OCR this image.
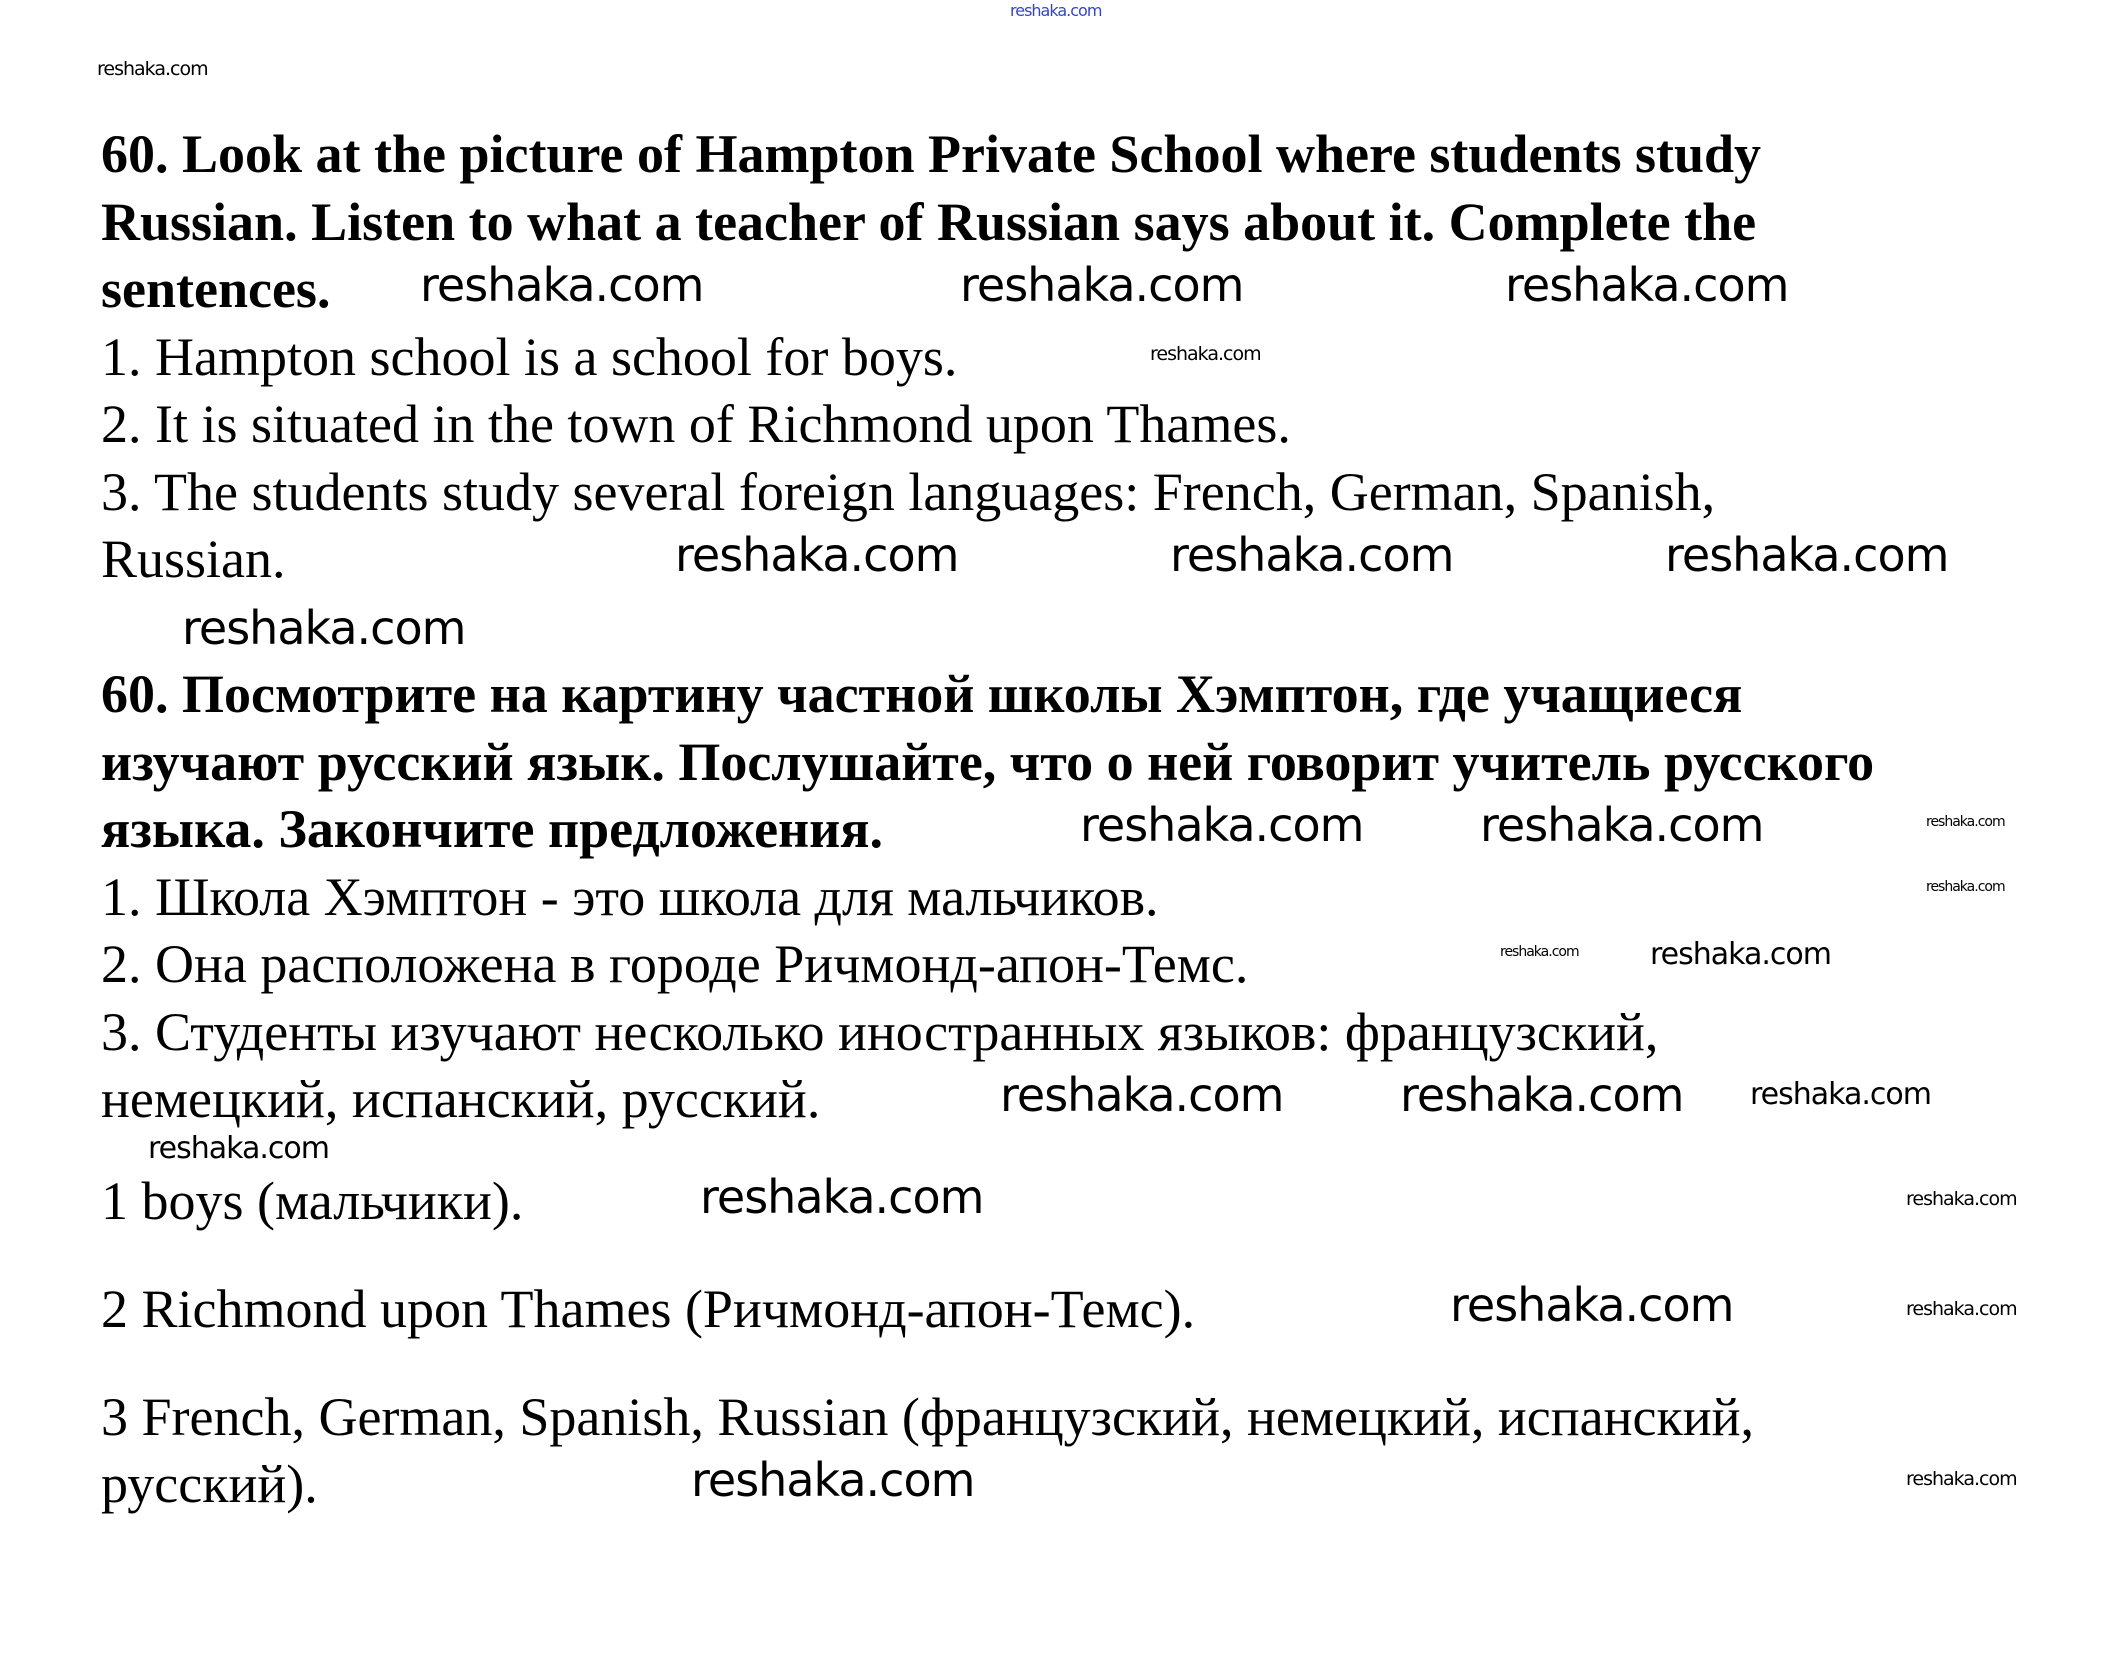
60. Look at the picture of Hampton Private School where students study
Russian. Listen to what a teacher of Russian says about it. Complete the
sentences.
1. Hampton school is a school for boys.
2. It is situated in the town of Richmond upon Thames.
3. The students study several foreign languages: French, German, Spanish,
Russian.
60. Посмотрите на картину частной школы Хэмптон, где учащиеся
изучают русский язык. Послушайте, что о ней говорит учитель русского
языка. Закончите предложения.
1. Школа Хэмптон - это школа для мальчиков.
2. Она расположена в городе Ричмонд-апон-Темс.
3. Студенты изучают несколько иностранных языков: французский,
немецкий, испанский, русский.
1 boys (мальчики).
2 Richmond upon Thames (Ричмонд-апон-Темс).
3 French, German, Spanish, Russian (французский, немецкий, испанский,
русский).
reshaka.com
reshaka.com
reshaka.com
reshaka.com	reshaka.com
reshaka.com
reshaka.com
reshaka.com	reshaka.com
reshaka.com
reshaka.com
reshaka.com	reshaka.com
reshaka.com
reshaka.com reshaka.com
reshaka.com	reshaka.com
reshaka.com
reshaka.com
reshaka.com
reshaka.com	reshaka.com
reshaka.com
reshaka.com
reshaka.com
